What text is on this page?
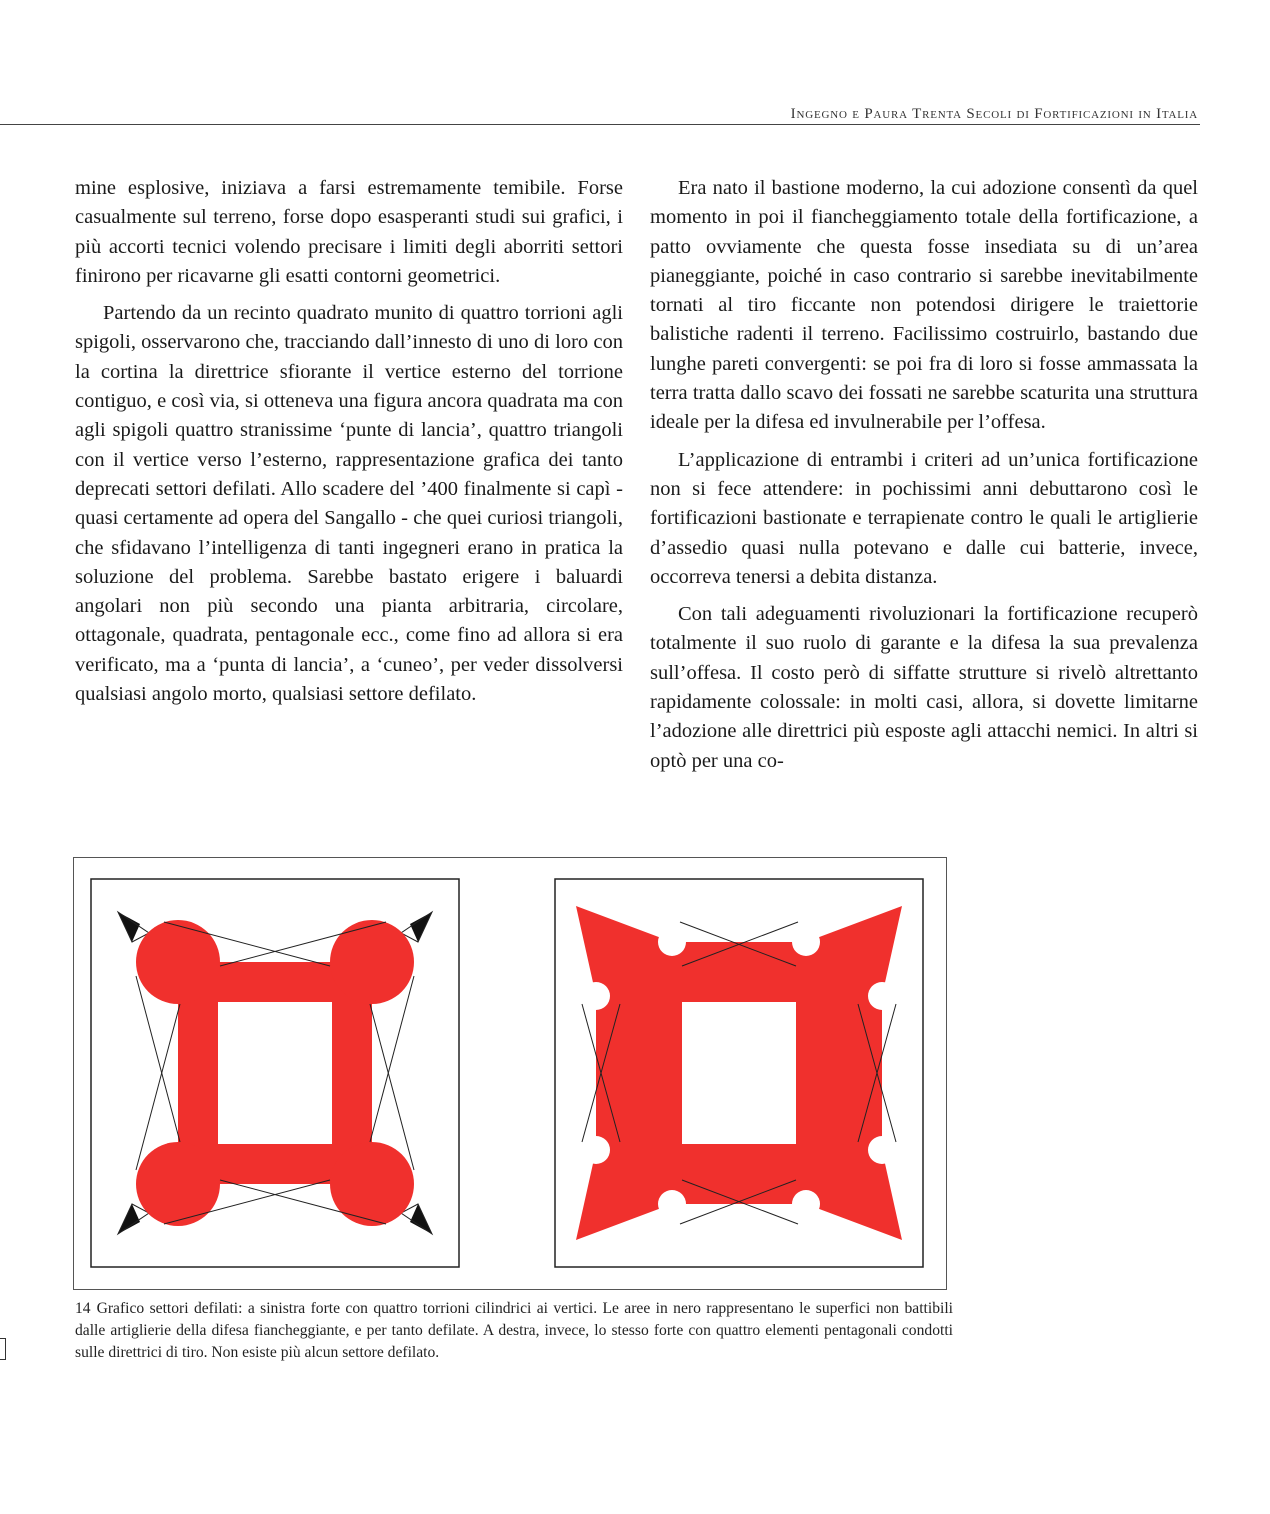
Ingegno e Paura Trenta Secoli di Fortificazioni in Italia

mine esplosive, iniziava a farsi estremamente temibile. Forse casualmente sul terreno, forse dopo esasperanti studi sui grafici, i più accorti tecnici volendo precisare i limiti degli aborriti settori finirono per ricavarne gli esatti contorni geometrici.

Partendo da un recinto quadrato munito di quattro torrioni agli spigoli, osservarono che, tracciando dall’innesto di uno di loro con la cortina la direttrice sfiorante il vertice esterno del torrione contiguo, e così via, si otteneva una figura ancora quadrata ma con agli spigoli quattro stranissime ‘punte di lancia’, quattro triangoli con il vertice verso l’esterno, rappresentazione grafica dei tanto deprecati settori defilati. Allo scadere del ’400 finalmente si capì - quasi certamente ad opera del Sangallo - che quei curiosi triangoli, che sfidavano l’intelligenza di tanti ingegneri erano in pratica la soluzione del problema. Sarebbe bastato erigere i baluardi angolari non più secondo una pianta arbitraria, circolare, ottagonale, quadrata, pentagonale ecc., come fino ad allora si era verificato, ma a ‘punta di lancia’, a ‘cuneo’, per veder dissolversi qualsiasi angolo morto, qualsiasi settore defilato.

Era nato il bastione moderno, la cui adozione consentì da quel momento in poi il fiancheggiamento totale della fortificazione, a patto ovviamente che questa fosse insediata su di un’area pianeggiante, poiché in caso contrario si sarebbe inevitabilmente tornati al tiro ficcante non potendosi dirigere le traiettorie balistiche radenti il terreno. Facilissimo costruirlo, bastando due lunghe pareti convergenti: se poi fra di loro si fosse ammassata la terra tratta dallo scavo dei fossati ne sarebbe scaturita una struttura ideale per la difesa ed invulnerabile per l’offesa.

L’applicazione di entrambi i criteri ad un’unica fortificazione non si fece attendere: in pochissimi anni debuttarono così le fortificazioni bastionate e terrapienate contro le quali le artiglierie d’assedio quasi nulla potevano e dalle cui batterie, invece, occorreva tenersi a debita distanza.

Con tali adeguamenti rivoluzionari la fortificazione recuperò totalmente il suo ruolo di garante e la difesa la sua prevalenza sull’offesa. Il costo però di siffatte strutture si rivelò altrettanto rapidamente colossale: in molti casi, allora, si dovette limitarne l’adozione alle direttrici più esposte agli attacchi nemici. In altri si optò per una co-

14 Grafico settori defilati: a sinistra forte con quattro torrioni cilindrici ai vertici. Le aree in nero rappresentano le superfici non battibili dalle artiglierie della difesa fiancheggiante, e per tanto defilate. A destra, invece, lo stesso forte con quattro elementi pentagonali condotti sulle direttrici di tiro. Non esiste più alcun settore defilato.
